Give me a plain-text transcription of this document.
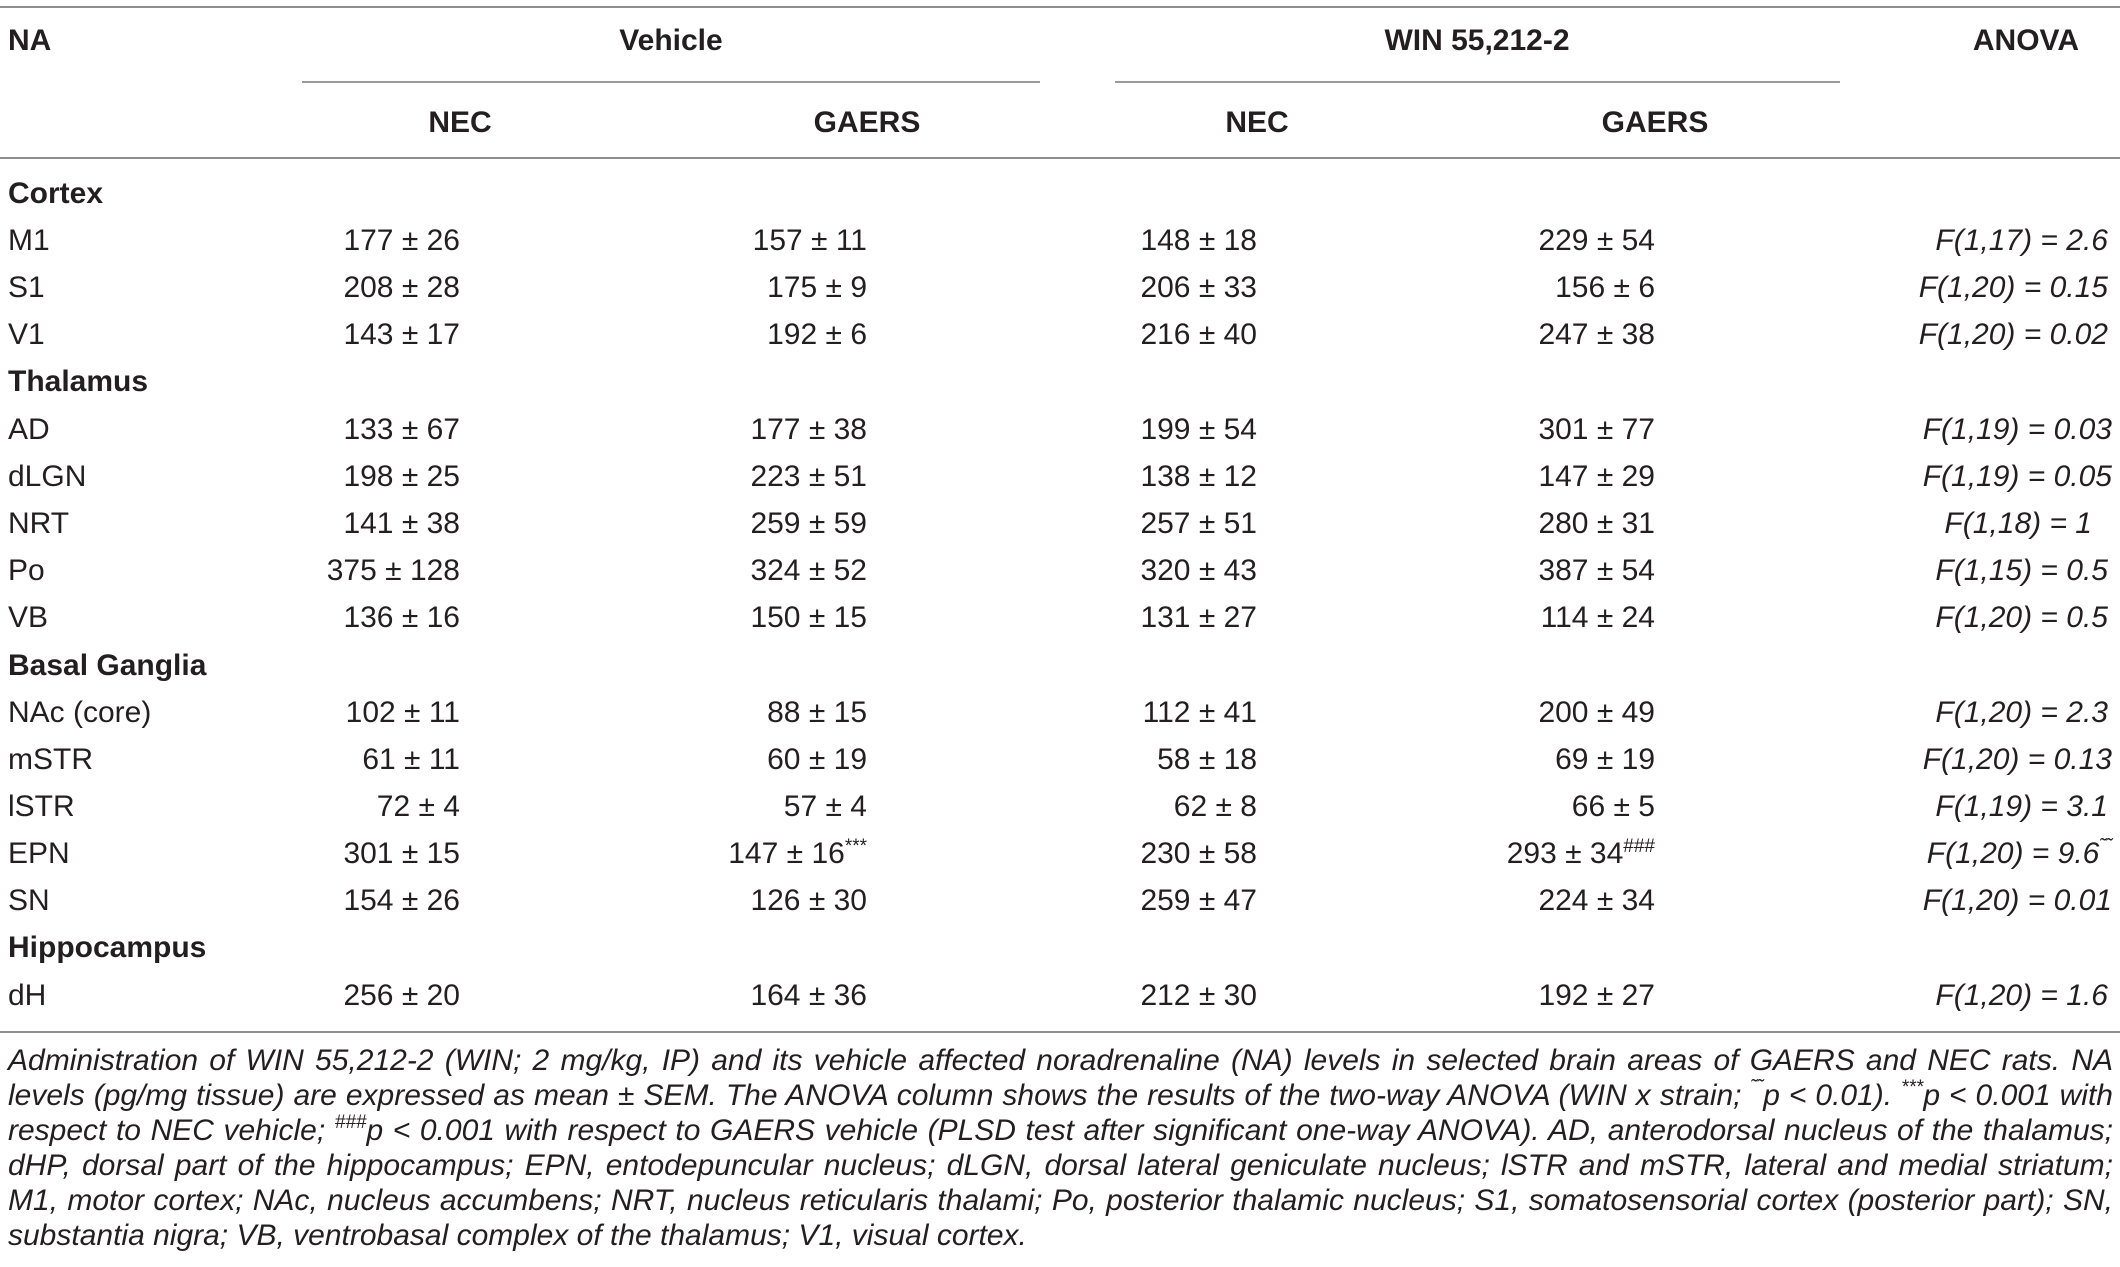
NA	Vehicle	WIN 55,212-2	ANOVA
NEC	GAERS	NEC	GAERS
Cortex
M1	177 ± 26	157 ± 11	148 ± 18	229 ± 54	F(1,17) = 2.6
S1	208 ± 28	175 ± 9	206 ± 33	156 ± 6	F(1,20) = 0.15
V1	143 ± 17	192 ± 6	216 ± 40	247 ± 38	F(1,20) = 0.02
Thalamus
AD	133 ± 67	177 ± 38	199 ± 54	301 ± 77	F(1,19) = 0.03
dLGN	198 ± 25	223 ± 51	138 ± 12	147 ± 29	F(1,19) = 0.05
NRT	141 ± 38	259 ± 59	257 ± 51	280 ± 31	F(1,18) = 1
Po	375 ± 128	324 ± 52	320 ± 43	387 ± 54	F(1,15) = 0.5
VB	136 ± 16	150 ± 15	131 ± 27	114 ± 24	F(1,20) = 0.5
Basal Ganglia
NAc (core)	102 ± 11	88 ± 15	112 ± 41	200 ± 49	F(1,20) = 2.3
mSTR	61 ± 11	60 ± 19	58 ± 18	69 ± 19	F(1,20) = 0.13
lSTR	72 ± 4	57 ± 4	62 ± 8	66 ± 5	F(1,19) = 3.1
EPN	301 ± 15	147 ± 16***	230 ± 58	293 ± 34###	F(1,20) = 9.6˜˜
SN	154 ± 26	126 ± 30	259 ± 47	224 ± 34	F(1,20) = 0.01
Hippocampus
dH	256 ± 20	164 ± 36	212 ± 30	192 ± 27	F(1,20) = 1.6
Administration of WIN 55,212-2 (WIN; 2 mg/kg, IP) and its vehicle affected noradrenaline (NA) levels in selected brain areas of GAERS and NEC rats. NA levels (pg/mg tissue) are expressed as mean ± SEM. The ANOVA column shows the results of the two-way ANOVA (WIN x strain; ˜˜p < 0.01). ***p < 0.001 with respect to NEC vehicle; ###p < 0.001 with respect to GAERS vehicle (PLSD test after significant one-way ANOVA). AD, anterodorsal nucleus of the thalamus; dHP, dorsal part of the hippocampus; EPN, entodepuncular nucleus; dLGN, dorsal lateral geniculate nucleus; lSTR and mSTR, lateral and medial striatum; M1, motor cortex; NAc, nucleus accumbens; NRT, nucleus reticularis thalami; Po, posterior thalamic nucleus; S1, somatosensorial cortex (posterior part); SN, substantia nigra; VB, ventrobasal complex of the thalamus; V1, visual cortex.
